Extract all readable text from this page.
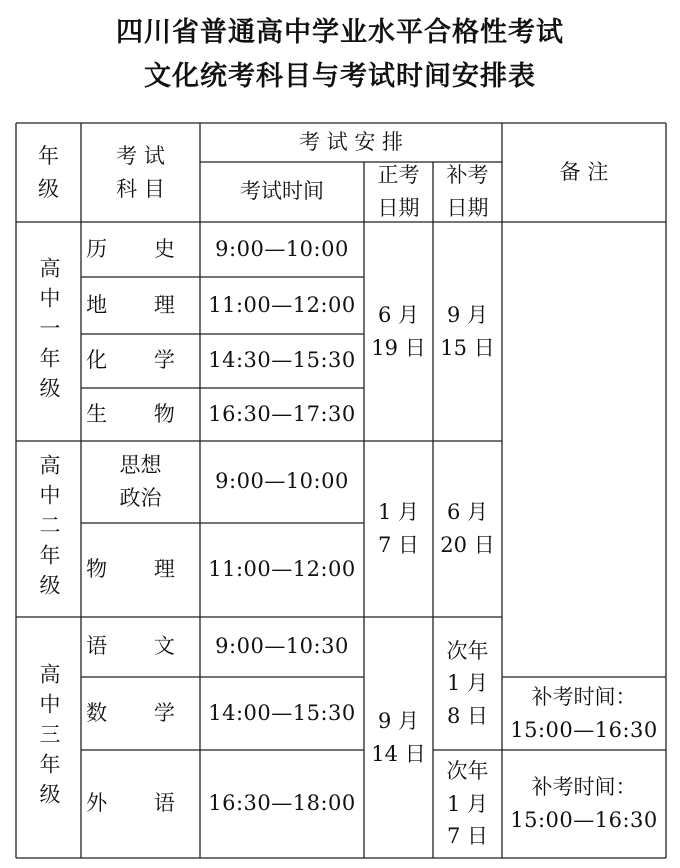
四川省普通高中学业水平合格性考试
文化统考科目与考试时间安排表
年
级
考 试
科 目
考 试 安 排
考试时间
正考
日期
补考
日期
备 注
高中一年级
历 史 9:00—10:00
地 理 11:00—12:00
化 学 14:30—15:30
生 物 16:30—17:30
6 月
19 日
9 月
15 日
高中二年级	思想
政治
9:00—10:00
物 理 11:00—12:00
1 月
7 日
6 月
20 日
高中三年级
语 文 9:00—10:30
数 学 14:00—15:30
外 语 16:30—18:00
9 月
14 日
次年
1 月
8 日
次年
1 月
7 日
补考时间：
15:00—16:30
补考时间：
15:00—16:30
